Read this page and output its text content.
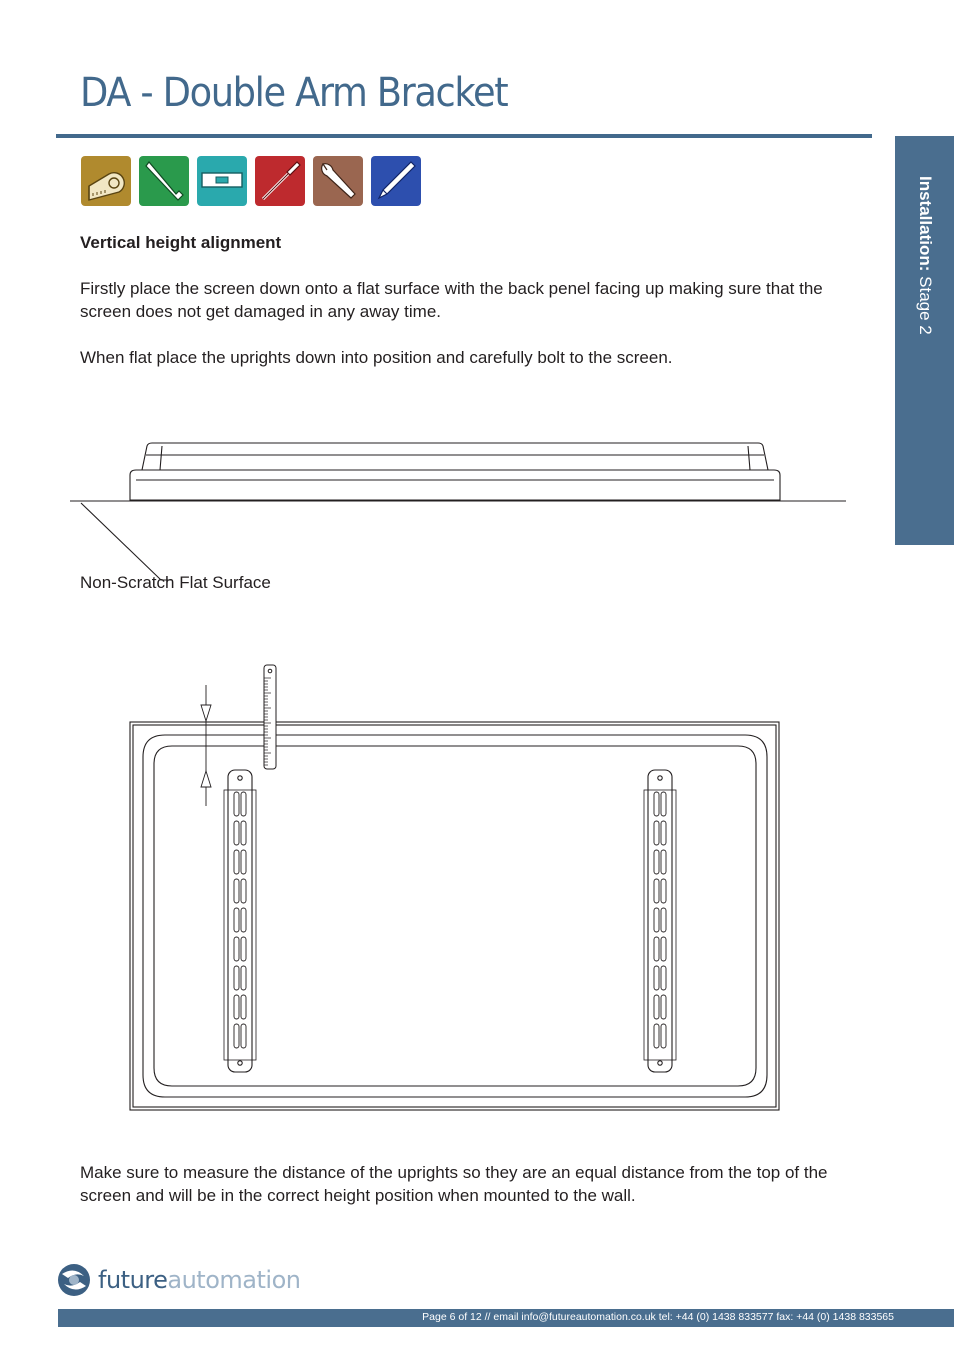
DA - Double Arm Bracket
Installation: Stage 2
Vertical height alignment

Firstly place the screen down onto a flat surface with the back penel facing up making sure that the screen does not get damaged in any away time.

When flat place the uprights down into position and carefully bolt to the screen.

Non-Scratch Flat Surface

Make sure to measure the distance of the uprights so they are an equal distance from the top of the screen and will be in the correct height position when mounted to the wall.

futureautomation
Page 6 of 12 // email info@futureautomation.co.uk tel: +44 (0) 1438 833577 fax: +44 (0) 1438 833565
